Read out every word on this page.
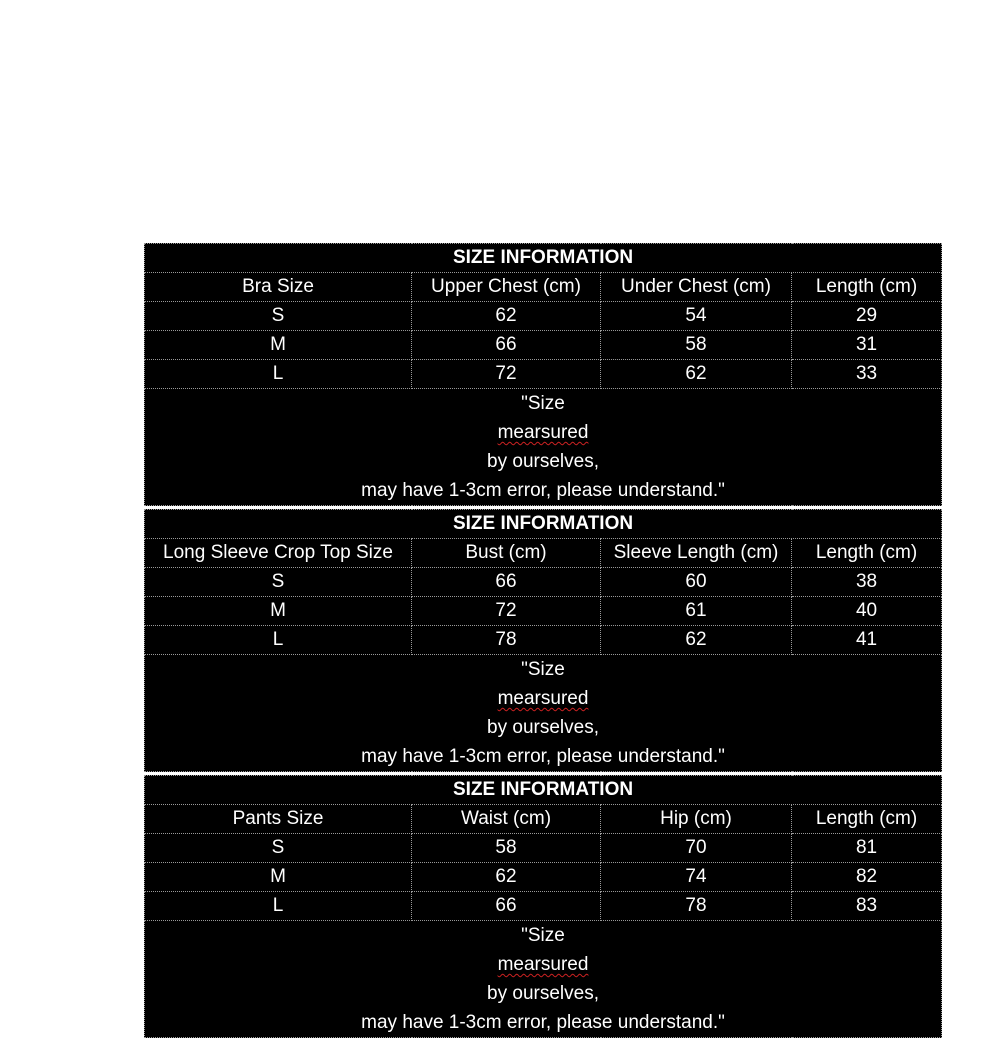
SIZE INFORMATION			
Bra Size	Upper Chest (cm)	Under Chest (cm)	Length (cm)
S	62	54	29
M	66	58	31
L	72	62	33

"Size
mearsured
by ourselves,
may have 1-3cm error, please understand."			
SIZE INFORMATION			
Long Sleeve Crop Top Size	Bust (cm)	Sleeve Length (cm)	Length (cm)
S	66	60	38
M	72	61	40
L	78	62	41

"Size
mearsured
by ourselves,
may have 1-3cm error, please understand."			
SIZE INFORMATION			
Pants Size	Waist (cm)	Hip (cm)	Length (cm)
S	58	70	81
M	62	74	82
L	66	78	83

"Size
mearsured
by ourselves,
may have 1-3cm error, please understand."			
